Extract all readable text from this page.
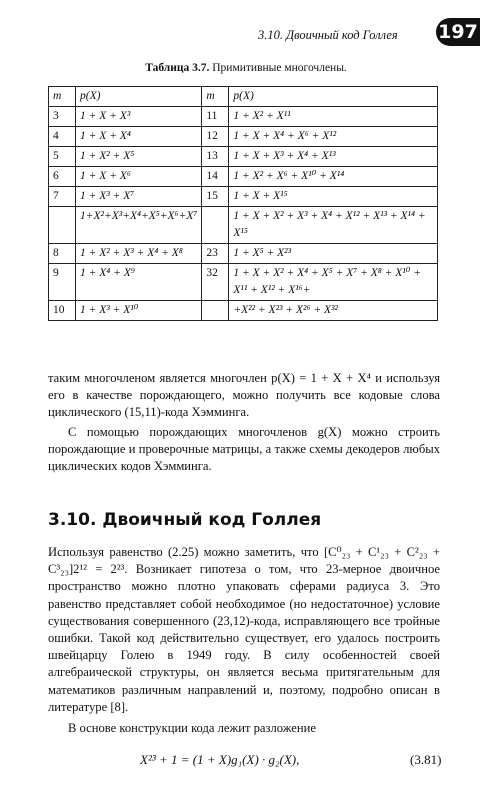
3.10. Двоичный код Голлея 197
Таблица 3.7. Примитивные многочлены.
m	p(X)	m	p(X)
3	1 + X + X³	11	1 + X² + X¹¹
4	1 + X + X⁴	12	1 + X + X⁴ + X⁶ + X¹²
5	1 + X² + X⁵	13	1 + X + X³ + X⁴ + X¹³
6	1 + X + X⁶	14	1 + X² + X⁶ + X¹⁰ + X¹⁴
7	1 + X³ + X⁷	15	1 + X + X¹⁵
	1+X²+X³+X⁴+X⁵+X⁶+X⁷		1 + X + X² + X³ + X⁴ + X¹² + X¹³ + X¹⁴ + X¹⁵
8	1 + X² + X³ + X⁴ + X⁸	23	1 + X⁵ + X²³
9	1 + X⁴ + X⁹	32	1 + X + X² + X⁴ + X⁵ + X⁷ + X⁸ + X¹⁰ + X¹¹ + X¹² + X¹⁶+
10	1 + X³ + X¹⁰		+X²² + X²³ + X²⁶ + X³²
таким многочленом является многочлен p(X) = 1 + X + X⁴ и используя его в качестве порождающего, можно получить все кодовые слова циклического (15,11)-кода Хэмминга.
С помощью порождающих многочленов g(X) можно строить порождающие и проверочные матрицы, а также схемы декодеров любых циклических кодов Хэмминга.
3.10. Двоичный код Голлея
Используя равенство (2.25) можно заметить, что [C⁰₂₃ + C¹₂₃ + C²₂₃ + C³₂₃]2¹² = 2²³. Возникает гипотеза о том, что 23-мерное двоичное пространство можно плотно упаковать сферами радиуса 3. Это равенство представляет собой необходимое (но недостаточное) условие существования совершенного (23,12)-кода, исправляющего все тройные ошибки. Такой код действительно существует, его удалось построить швейцарцу Голею в 1949 году. В силу особенностей своей алгебраической структуры, он является весьма притягательным для математиков различным направлений и, поэтому, подробно описан в литературе [8].
В основе конструкции кода лежит разложение
X²³ + 1 = (1 + X)g₁(X) · g₂(X),	(3.81)
